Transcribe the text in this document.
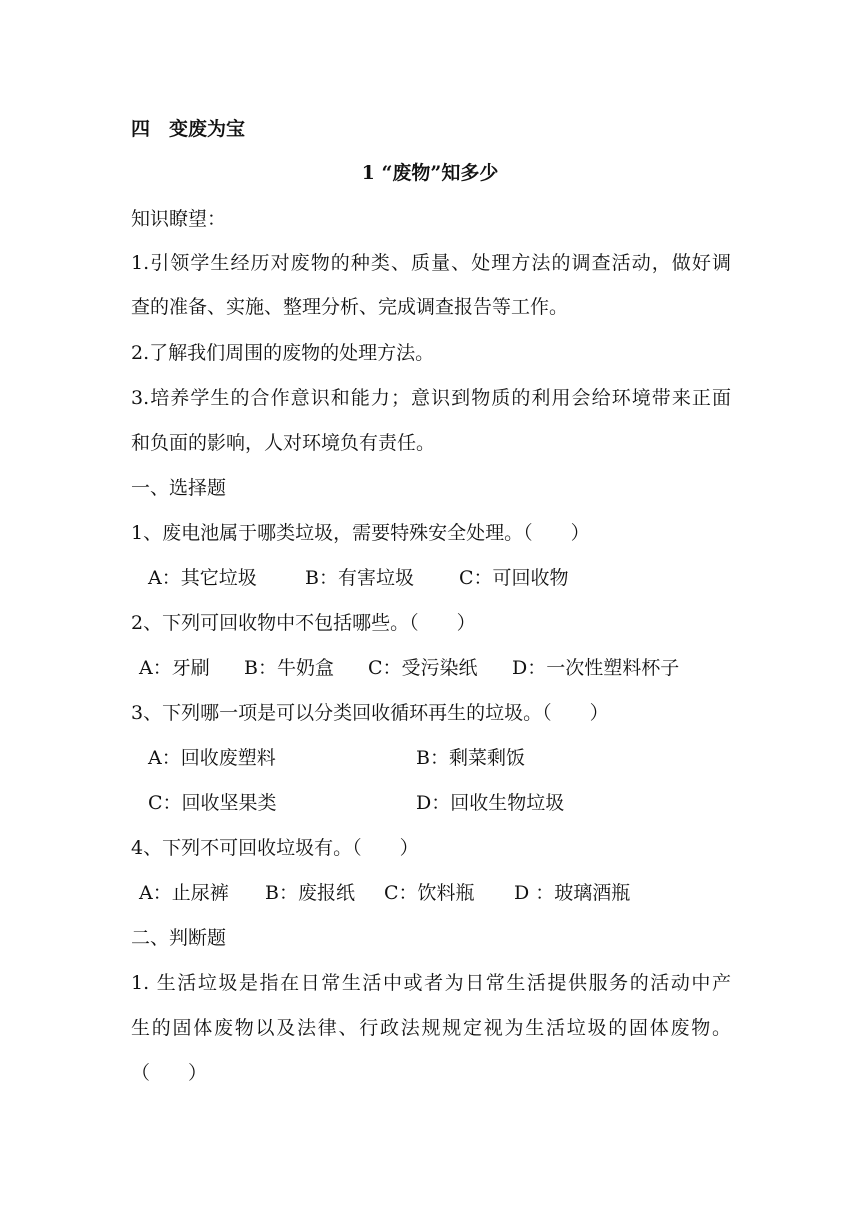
四　变废为宝
1 “废物”知多少
知识瞭望：
1.引领学生经历对废物的种类、质量、处理方法的调查活动，做好调
查的准备、实施、整理分析、完成调查报告等工作。
2.了解我们周围的废物的处理方法。
3.培养学生的合作意识和能力；意识到物质的利用会给环境带来正面
和负面的影响，人对环境负有责任。
一、选择题
1、废电池属于哪类垃圾，需要特殊安全处理。（　　）
A：其它垃圾	B：有害垃圾 C：可回收物
2、下列可回收物中不包括哪些。（　　）
A：牙刷 B：牛奶盒 C：受污染纸 D：一次性塑料杯子
3、下列哪一项是可以分类回收循环再生的垃圾。（　　）
A：回收废塑料	B：剩菜剩饭
C：回收坚果类	D：回收生物垃圾
4、下列不可回收垃圾有。（　　）
A：止尿裤 B：废报纸 C：饮料瓶 D ：玻璃酒瓶
二、判断题
1. 生活垃圾是指在日常生活中或者为日常生活提供服务的活动中产
生的固体废物以及法律、行政法规规定视为生活垃圾的固体废物。
（　　）
